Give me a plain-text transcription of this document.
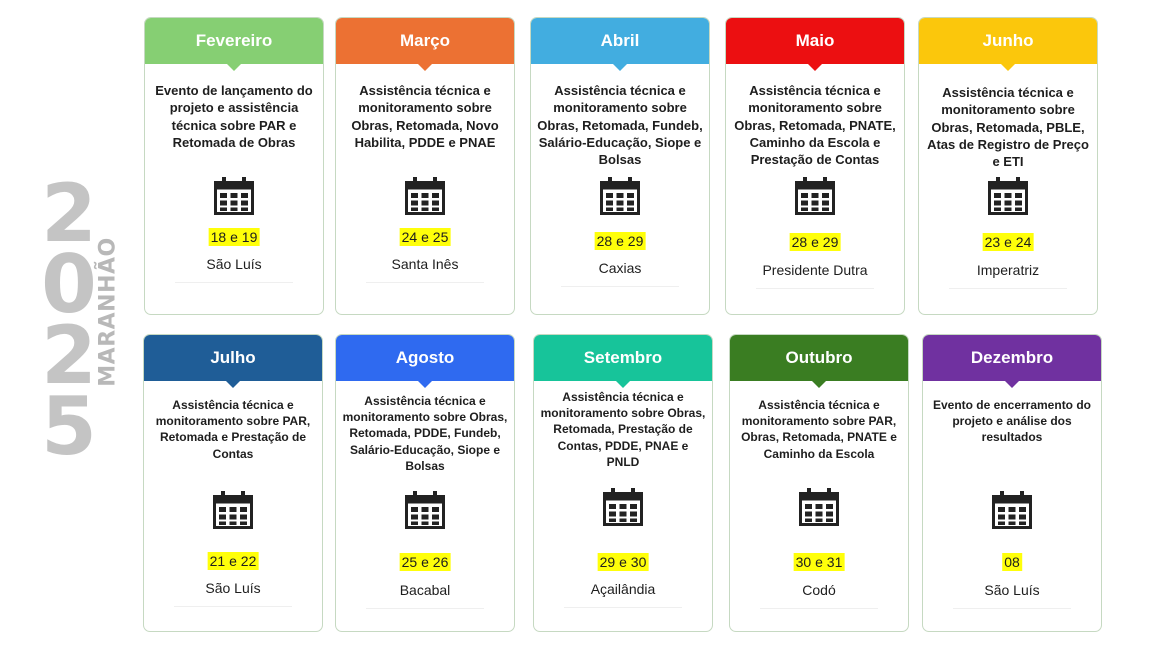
2
0
2
5
MARANHÃO
Fevereiro
Evento de lançamento do projeto e assistência técnica sobre PAR e Retomada de Obras
18 e 19
São Luís
Março
Assistência técnica e monitoramento sobre Obras, Retomada, Novo Habilita, PDDE e PNAE
24 e 25
Santa Inês
Abril
Assistência técnica e monitoramento sobre Obras, Retomada, Fundeb, Salário-Educação, Siope e Bolsas
28 e 29
Caxias
Maio
Assistência técnica e monitoramento sobre Obras, Retomada, PNATE, Caminho da Escola e Prestação de Contas
28 e 29
Presidente Dutra
Junho
Assistência técnica e monitoramento sobre Obras, Retomada, PBLE, Atas de Registro de Preço e ETI
23 e 24
Imperatriz
Julho
Assistência técnica e monitoramento sobre PAR, Retomada e Prestação de Contas
21 e 22
São Luís
Agosto
Assistência técnica e monitoramento sobre Obras, Retomada, PDDE, Fundeb, Salário-Educação, Siope e Bolsas
25 e 26
Bacabal
Setembro
Assistência técnica e monitoramento sobre Obras, Retomada, Prestação de Contas, PDDE, PNAE e PNLD
29 e 30
Açailândia
Outubro
Assistência técnica e monitoramento sobre PAR, Obras, Retomada, PNATE e Caminho da Escola
30 e 31
Codó
Dezembro
Evento de encerramento do projeto e análise dos resultados
08
São Luís
